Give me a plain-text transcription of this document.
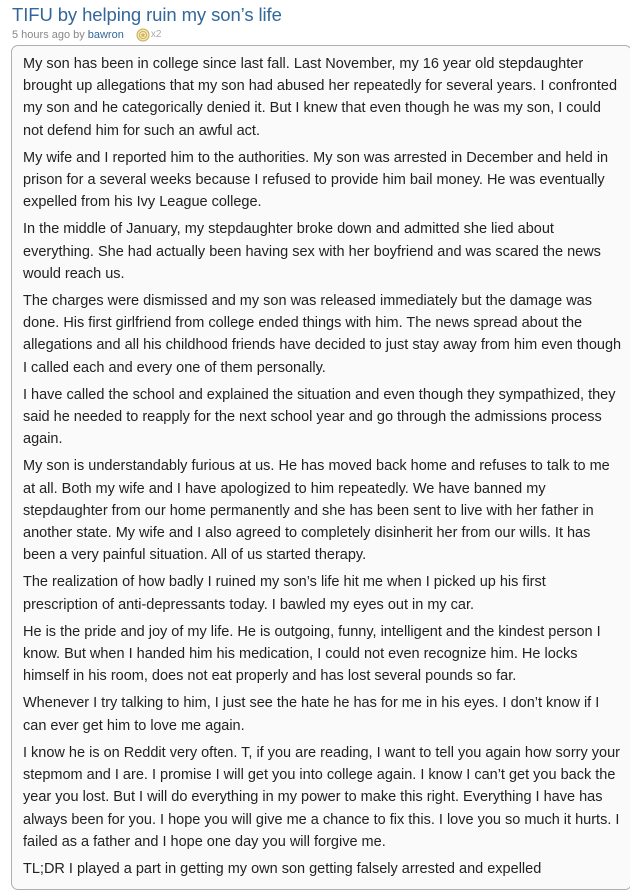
TIFU by helping ruin my son’s life
5 hours ago by bawron	x2

My son has been in college since last fall. Last November, my 16 year old stepdaughter brought up allegations that my son had abused her repeatedly for several years. I confronted my son and he categorically denied it. But I knew that even though he was my son, I could not defend him for such an awful act.

My wife and I reported him to the authorities. My son was arrested in December and held in prison for a several weeks because I refused to provide him bail money. He was eventually expelled from his Ivy League college.

In the middle of January, my stepdaughter broke down and admitted she lied about everything. She had actually been having sex with her boyfriend and was scared the news would reach us.

The charges were dismissed and my son was released immediately but the damage was done. His first girlfriend from college ended things with him. The news spread about the allegations and all his childhood friends have decided to just stay away from him even though I called each and every one of them personally.

I have called the school and explained the situation and even though they sympathized, they said he needed to reapply for the next school year and go through the admissions process again.

My son is understandably furious at us. He has moved back home and refuses to talk to me at all. Both my wife and I have apologized to him repeatedly. We have banned my stepdaughter from our home permanently and she has been sent to live with her father in another state. My wife and I also agreed to completely disinherit her from our wills. It has been a very painful situation. All of us started therapy.

The realization of how badly I ruined my son’s life hit me when I picked up his first prescription of anti-depressants today. I bawled my eyes out in my car.

He is the pride and joy of my life. He is outgoing, funny, intelligent and the kindest person I know. But when I handed him his medication, I could not even recognize him. He locks himself in his room, does not eat properly and has lost several pounds so far.

Whenever I try talking to him, I just see the hate he has for me in his eyes. I don’t know if I can ever get him to love me again.

I know he is on Reddit very often. T, if you are reading, I want to tell you again how sorry your stepmom and I are. I promise I will get you into college again. I know I can’t get you back the year you lost. But I will do everything in my power to make this right. Everything I have has always been for you. I hope you will give me a chance to fix this. I love you so much it hurts. I failed as a father and I hope one day you will forgive me.

TL;DR I played a part in getting my own son getting falsely arrested and expelled
